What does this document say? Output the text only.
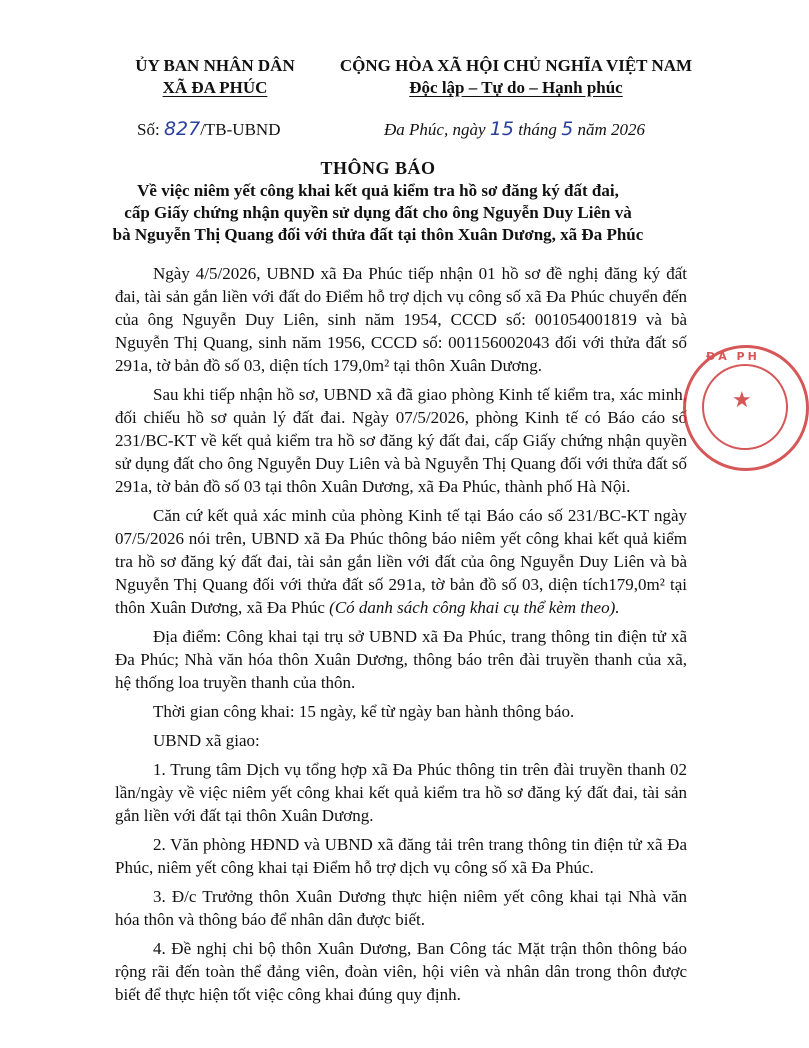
ỦY BAN NHÂN DÂN
XÃ ĐA PHÚC
CỘNG HÒA XÃ HỘI CHỦ NGHĨA VIỆT NAM
Độc lập – Tự do – Hạnh phúc
Số: 827/TB-UBND	Đa Phúc, ngày 15 tháng 5 năm 2026
THÔNG BÁO
Về việc niêm yết công khai kết quả kiểm tra hồ sơ đăng ký đất đai,
cấp Giấy chứng nhận quyền sử dụng đất cho ông Nguyễn Duy Liên và
bà Nguyễn Thị Quang đối với thửa đất tại thôn Xuân Dương, xã Đa Phúc

Ngày 4/5/2026, UBND xã Đa Phúc tiếp nhận 01 hồ sơ đề nghị đăng ký đất đai, tài sản gắn liền với đất do Điểm hỗ trợ dịch vụ công số xã Đa Phúc chuyển đến của ông Nguyễn Duy Liên, sinh năm 1954, CCCD số: 001054001819 và bà Nguyễn Thị Quang, sinh năm 1956, CCCD số: 001156002043 đối với thửa đất số 291a, tờ bản đồ số 03, diện tích 179,0m² tại thôn Xuân Dương.

Sau khi tiếp nhận hồ sơ, UBND xã đã giao phòng Kinh tế kiểm tra, xác minh, đối chiếu hồ sơ quản lý đất đai. Ngày 07/5/2026, phòng Kinh tế có Báo cáo số 231/BC-KT về kết quả kiểm tra hồ sơ đăng ký đất đai, cấp Giấy chứng nhận quyền sử dụng đất cho ông Nguyễn Duy Liên và bà Nguyễn Thị Quang đối với thửa đất số 291a, tờ bản đồ số 03 tại thôn Xuân Dương, xã Đa Phúc, thành phố Hà Nội.

Căn cứ kết quả xác minh của phòng Kinh tế tại Báo cáo số 231/BC-KT ngày 07/5/2026 nói trên, UBND xã Đa Phúc thông báo niêm yết công khai kết quả kiểm tra hồ sơ đăng ký đất đai, tài sản gắn liền với đất của ông Nguyễn Duy Liên và bà Nguyễn Thị Quang đối với thửa đất số 291a, tờ bản đồ số 03, diện tích179,0m² tại thôn Xuân Dương, xã Đa Phúc (Có danh sách công khai cụ thể kèm theo).

Địa điểm: Công khai tại trụ sở UBND xã Đa Phúc, trang thông tin điện tử xã Đa Phúc; Nhà văn hóa thôn Xuân Dương, thông báo trên đài truyền thanh của xã, hệ thống loa truyền thanh của thôn.

Thời gian công khai: 15 ngày, kể từ ngày ban hành thông báo.

UBND xã giao:

1. Trung tâm Dịch vụ tổng hợp xã Đa Phúc thông tin trên đài truyền thanh 02 lần/ngày về việc niêm yết công khai kết quả kiểm tra hồ sơ đăng ký đất đai, tài sản gắn liền với đất tại thôn Xuân Dương.

2. Văn phòng HĐND và UBND xã đăng tải trên trang thông tin điện tử xã Đa Phúc, niêm yết công khai tại Điểm hỗ trợ dịch vụ công số xã Đa Phúc.

3. Đ/c Trưởng thôn Xuân Dương thực hiện niêm yết công khai tại Nhà văn hóa thôn và thông báo để nhân dân được biết.

4. Đề nghị chi bộ thôn Xuân Dương, Ban Công tác Mặt trận thôn thông báo rộng rãi đến toàn thể đảng viên, đoàn viên, hội viên và nhân dân trong thôn được biết để thực hiện tốt việc công khai đúng quy định.

ĐA PH
★
